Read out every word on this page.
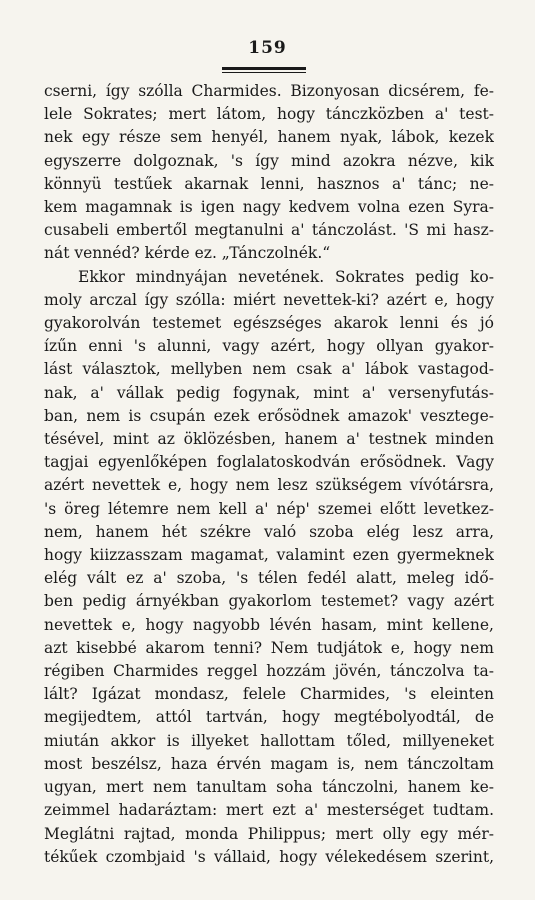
159
cserni, így szólla Charmides. Bizonyosan dicsérem, fe-
lele Sokrates; mert látom, hogy tánczközben a' test-
nek egy része sem henyél, hanem nyak, lábok, kezek
egyszerre dolgoznak, 's így mind azokra nézve, kik
könnyü testűek akarnak lenni, hasznos a' tánc; ne-
kem magamnak is igen nagy kedvem volna ezen Syra-
cusabeli embertől megtanulni a' tánczolást. 'S mi hasz-
nát vennéd? kérde ez. „Tánczolnék.“
Ekkor mindnyájan nevetének. Sokrates pedig ko-
moly arczal így szólla: miért nevettek-ki? azért e, hogy
gyakorolván testemet egészséges akarok lenni és jó
ízűn enni 's alunni, vagy azért, hogy ollyan gyakor-
lást választok, mellyben nem csak a' lábok vastagod-
nak, a' vállak pedig fogynak, mint a' versenyfutás-
ban, nem is csupán ezek erősödnek amazok' vesztege-
tésével, mint az öklözésben, hanem a' testnek minden
tagjai egyenlőképen foglalatoskodván erősödnek. Vagy
azért nevettek e, hogy nem lesz szükségem vívótársra,
's öreg létemre nem kell a' nép' szemei előtt levetkez-
nem, hanem hét székre való szoba elég lesz arra,
hogy kiizzasszam magamat, valamint ezen gyermeknek
elég vált ez a' szoba, 's télen fedél alatt, meleg idő-
ben pedig árnyékban gyakorlom testemet? vagy azért
nevettek e, hogy nagyobb lévén hasam, mint kellene,
azt kisebbé akarom tenni? Nem tudjátok e, hogy nem
régiben Charmides reggel hozzám jövén, tánczolva ta-
lált? Igázat mondasz, felele Charmides, 's eleinten
megijedtem, attól tartván, hogy megtébolyodtál, de
miután akkor is illyeket hallottam tőled, millyeneket
most beszélsz, haza érvén magam is, nem tánczoltam
ugyan, mert nem tanultam soha tánczolni, hanem ke-
zeimmel hadaráztam: mert ezt a' mesterséget tudtam.
Meglátni rajtad, monda Philippus; mert olly egy mér-
tékűek czombjaid 's vállaid, hogy vélekedésem szerint,
